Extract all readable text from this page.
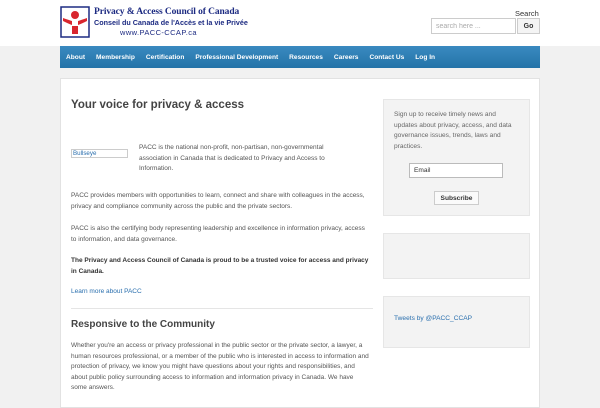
Privacy & Access Council of Canada
Conseil du Canada de l'Accès et la vie Privée
www.PACC-CCAP.ca
Search
search here ...
Go
About Membership Certification Professional Development Resources Careers Contact Us Log In
Your voice for privacy & access
Bullseye
PACC is the national non-profit, non-partisan, non-governmental association in Canada that is dedicated to Privacy and Access to Information.

PACC provides members with opportunities to learn, connect and share with colleagues in the access, privacy and compliance community across the public and the private sectors.

PACC is also the certifying body representing leadership and excellence in information privacy, access to information, and data governance.

The Privacy and Access Council of Canada is proud to be a trusted voice for access and privacy in Canada.

Learn more about PACC
Responsive to the Community

Whether you're an access or privacy professional in the public sector or the private sector, a lawyer, a human resources professional, or a member of the public who is interested in access to information and protection of privacy, we know you might have questions about your rights and responsibilities, and about public policy surrounding access to information and information privacy in Canada. We have some answers.

Sign up to receive timely news and updates about privacy, access, and data governance issues, trends, laws and practices.
Email
Subscribe
Tweets by @PACC_CCAP
